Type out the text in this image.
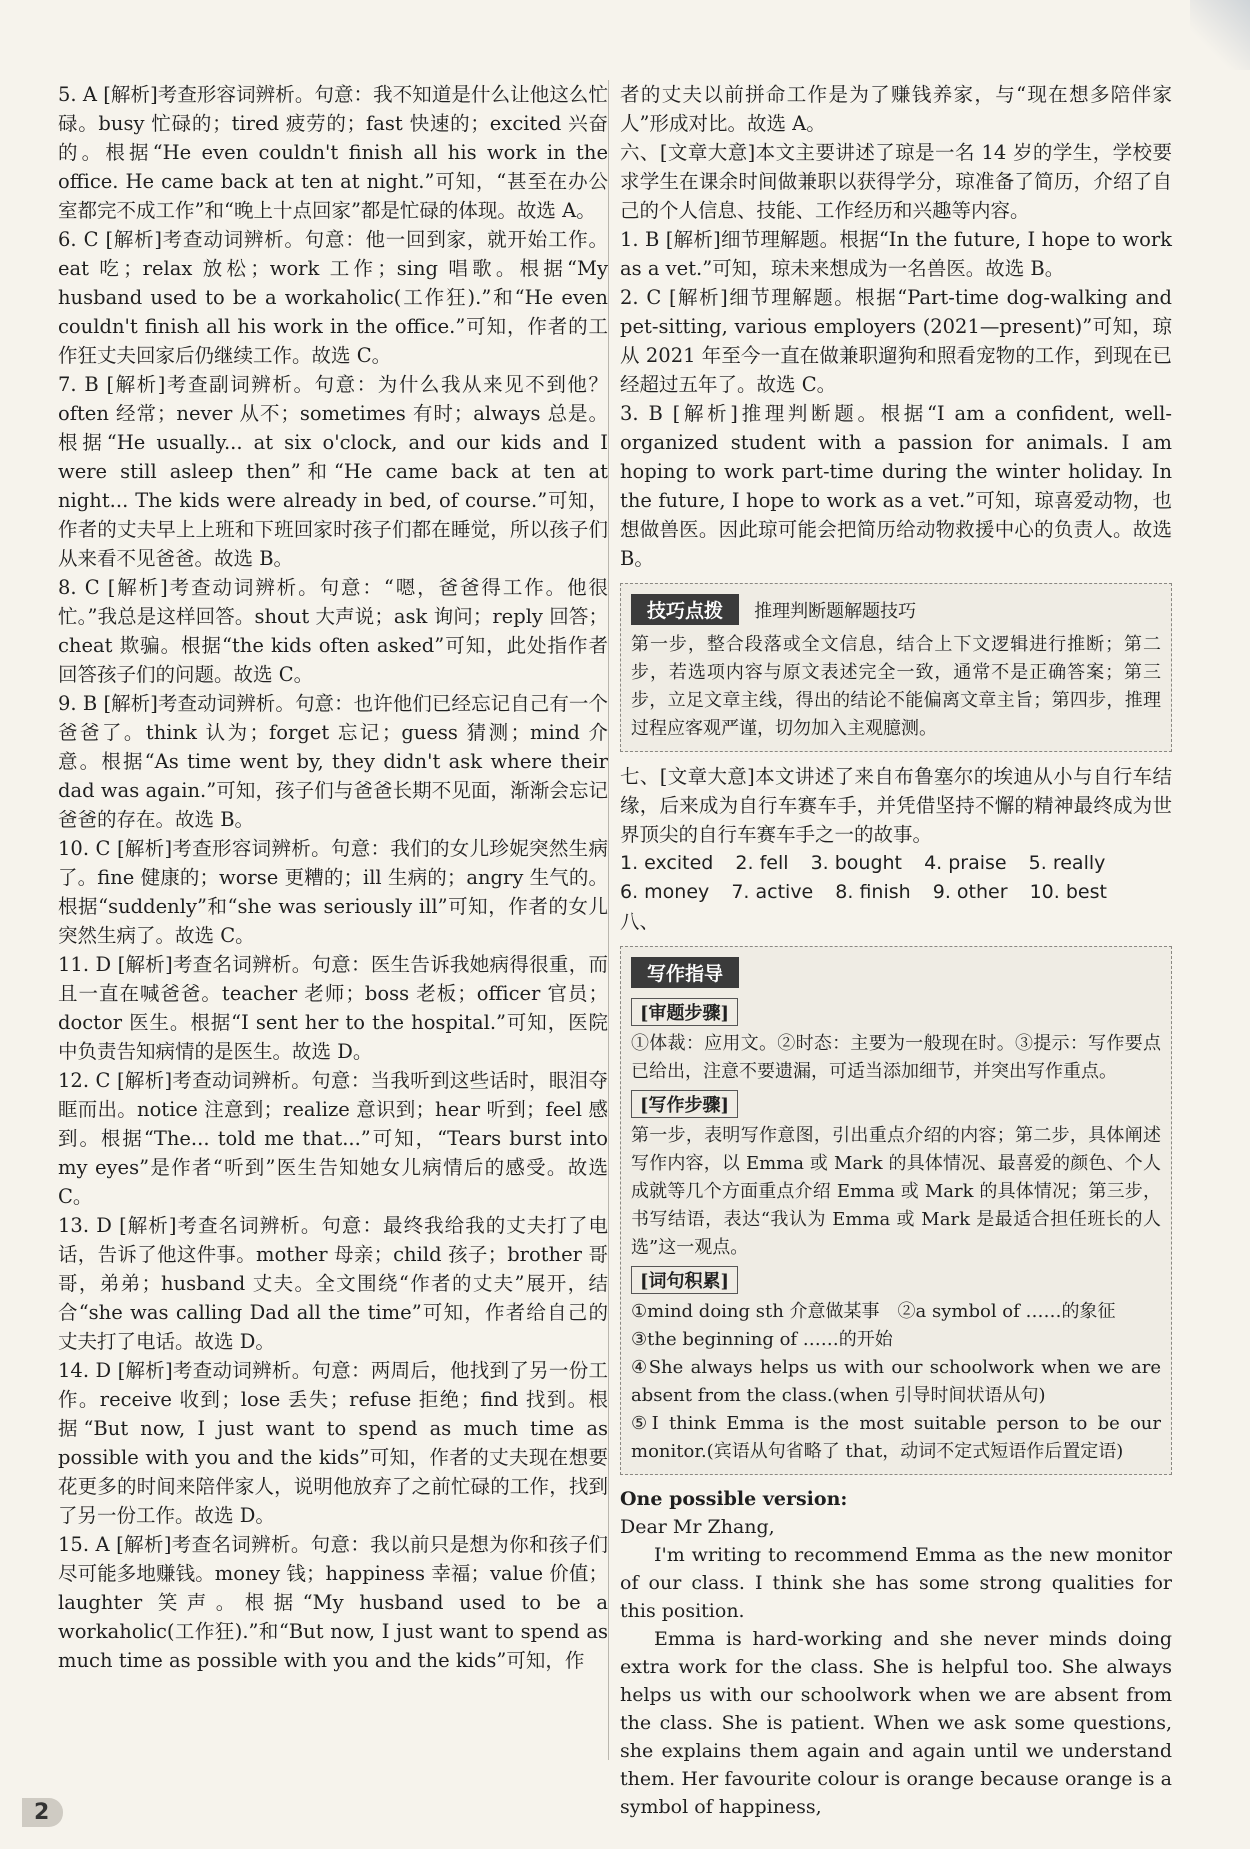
5. A [解析]考查形容词辨析。句意：我不知道是什么让他这么忙碌。busy 忙碌的；tired 疲劳的；fast 快速的；excited 兴奋的。根据“He even couldn't finish all his work in the office. He came back at ten at night.”可知，“甚至在办公室都完不成工作”和“晚上十点回家”都是忙碌的体现。故选 A。

6. C [解析]考查动词辨析。句意：他一回到家，就开始工作。eat 吃；relax 放松；work 工作；sing 唱歌。根据“My husband used to be a workaholic(工作狂).”和“He even couldn't finish all his work in the office.”可知，作者的工作狂丈夫回家后仍继续工作。故选 C。

7. B [解析]考查副词辨析。句意：为什么我从来见不到他？often 经常；never 从不；sometimes 有时；always 总是。根据“He usually... at six o'clock, and our kids and I were still asleep then”和“He came back at ten at night... The kids were already in bed, of course.”可知，作者的丈夫早上上班和下班回家时孩子们都在睡觉，所以孩子们从来看不见爸爸。故选 B。

8. C [解析]考查动词辨析。句意：“嗯，爸爸得工作。他很忙。”我总是这样回答。shout 大声说；ask 询问；reply 回答；cheat 欺骗。根据“the kids often asked”可知，此处指作者回答孩子们的问题。故选 C。

9. B [解析]考查动词辨析。句意：也许他们已经忘记自己有一个爸爸了。think 认为；forget 忘记；guess 猜测；mind 介意。根据“As time went by, they didn't ask where their dad was again.”可知，孩子们与爸爸长期不见面，渐渐会忘记爸爸的存在。故选 B。

10. C [解析]考查形容词辨析。句意：我们的女儿珍妮突然生病了。fine 健康的；worse 更糟的；ill 生病的；angry 生气的。根据“suddenly”和“she was seriously ill”可知，作者的女儿突然生病了。故选 C。

11. D [解析]考查名词辨析。句意：医生告诉我她病得很重，而且一直在喊爸爸。teacher 老师；boss 老板；officer 官员；doctor 医生。根据“I sent her to the hospital.”可知，医院中负责告知病情的是医生。故选 D。

12. C [解析]考查动词辨析。句意：当我听到这些话时，眼泪夺眶而出。notice 注意到；realize 意识到；hear 听到；feel 感到。根据“The... told me that...”可知，“Tears burst into my eyes”是作者“听到”医生告知她女儿病情后的感受。故选 C。

13. D [解析]考查名词辨析。句意：最终我给我的丈夫打了电话，告诉了他这件事。mother 母亲；child 孩子；brother 哥哥，弟弟；husband 丈夫。全文围绕“作者的丈夫”展开，结合“she was calling Dad all the time”可知，作者给自己的丈夫打了电话。故选 D。

14. D [解析]考查动词辨析。句意：两周后，他找到了另一份工作。receive 收到；lose 丢失；refuse 拒绝；find 找到。根据“But now, I just want to spend as much time as possible with you and the kids”可知，作者的丈夫现在想要花更多的时间来陪伴家人，说明他放弃了之前忙碌的工作，找到了另一份工作。故选 D。

15. A [解析]考查名词辨析。句意：我以前只是想为你和孩子们尽可能多地赚钱。money 钱；happiness 幸福；value 价值；laughter 笑声。根据“My husband used to be a workaholic(工作狂).”和“But now, I just want to spend as much time as possible with you and the kids”可知，作

者的丈夫以前拼命工作是为了赚钱养家，与“现在想多陪伴家人”形成对比。故选 A。

六、[文章大意]本文主要讲述了琼是一名 14 岁的学生，学校要求学生在课余时间做兼职以获得学分，琼准备了简历，介绍了自己的个人信息、技能、工作经历和兴趣等内容。

1. B [解析]细节理解题。根据“In the future, I hope to work as a vet.”可知，琼未来想成为一名兽医。故选 B。

2. C [解析]细节理解题。根据“Part-time dog-walking and pet-sitting, various employers (2021—present)”可知，琼从 2021 年至今一直在做兼职遛狗和照看宠物的工作，到现在已经超过五年了。故选 C。

3. B [解析]推理判断题。根据“I am a confident, well-organized student with a passion for animals. I am hoping to work part-time during the winter holiday. In the future, I hope to work as a vet.”可知，琼喜爱动物，也想做兽医。因此琼可能会把简历给动物救援中心的负责人。故选 B。

技巧点拨 推理判断题解题技巧

第一步，整合段落或全文信息，结合上下文逻辑进行推断；第二步，若选项内容与原文表述完全一致，通常不是正确答案；第三步，立足文章主线，得出的结论不能偏离文章主旨；第四步，推理过程应客观严谨，切勿加入主观臆测。

七、[文章大意]本文讲述了来自布鲁塞尔的埃迪从小与自行车结缘，后来成为自行车赛车手，并凭借坚持不懈的精神最终成为世界顶尖的自行车赛车手之一的故事。

1. excited 2. fell 3. bought 4. praise 5. really
6. money 7. active 8. finish 9. other 10. best

八、

写作指导
[审题步骤]

①体裁：应用文。②时态：主要为一般现在时。③提示：写作要点已给出，注意不要遗漏，可适当添加细节，并突出写作重点。

[写作步骤]

第一步，表明写作意图，引出重点介绍的内容；第二步，具体阐述写作内容，以 Emma 或 Mark 的具体情况、最喜爱的颜色、个人成就等几个方面重点介绍 Emma 或 Mark 的具体情况；第三步，书写结语，表达“我认为 Emma 或 Mark 是最适合担任班长的人选”这一观点。

[词句积累]

①mind doing sth 介意做某事　②a symbol of ……的象征

③the beginning of ……的开始

④She always helps us with our schoolwork when we are absent from the class.(when 引导时间状语从句)

⑤I think Emma is the most suitable person to be our monitor.(宾语从句省略了 that，动词不定式短语作后置定语)

One possible version:

Dear Mr Zhang,

I'm writing to recommend Emma as the new monitor of our class. I think she has some strong qualities for this position.

Emma is hard-working and she never minds doing extra work for the class. She is helpful too. She always helps us with our schoolwork when we are absent from the class. She is patient. When we ask some questions, she explains them again and again until we understand them. Her favourite colour is orange because orange is a symbol of happiness,

2
